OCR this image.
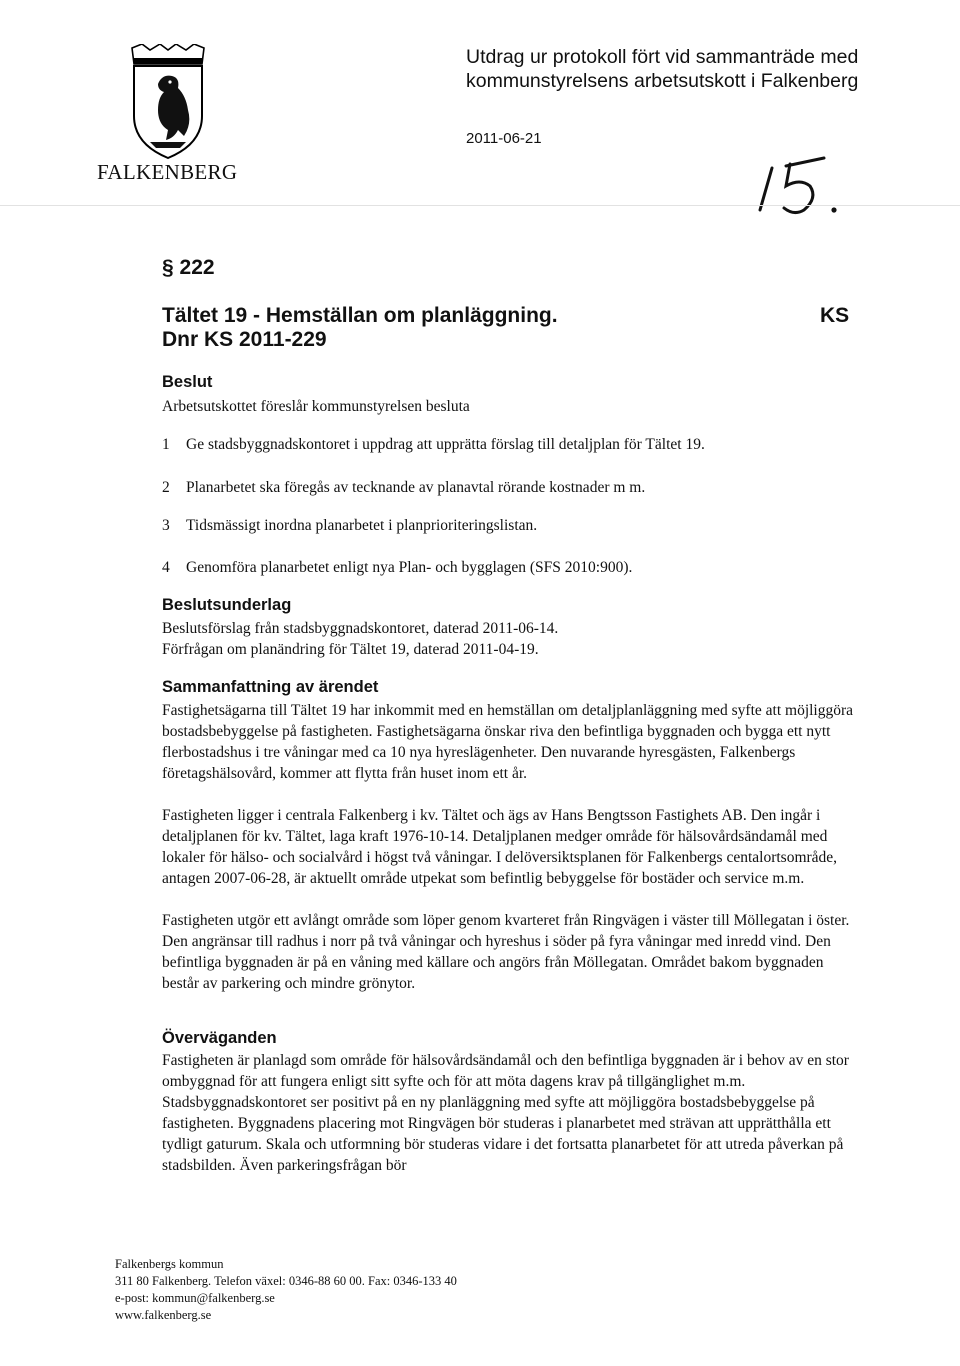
FALKENBERG
Utdrag ur protokoll fört vid sammanträde med
kommunstyrelsens arbetsutskott i Falkenberg
2011-06-21
§ 222
Tältet 19 - Hemställan om planläggning.	KS
Dnr KS 2011-229
Beslut
Arbetsutskottet föreslår kommunstyrelsen besluta
1 Ge stadsbyggnadskontoret i uppdrag att upprätta förslag till detaljplan för Tältet 19.
2 Planarbetet ska föregås av tecknande av planavtal rörande kostnader m m.
3 Tidsmässigt inordna planarbetet i planprioriteringslistan.
4 Genomföra planarbetet enligt nya Plan- och bygglagen (SFS 2010:900).
Beslutsunderlag
Beslutsförslag från stadsbyggnadskontoret, daterad 2011-06-14.
Förfrågan om planändring för Tältet 19, daterad 2011-04-19.
Sammanfattning av ärendet

Fastighetsägarna till Tältet 19 har inkommit med en hemställan om detaljplanläggning med syfte att möjliggöra bostadsbebyggelse på fastigheten. Fastighetsägarna önskar riva den befintliga byggnaden och bygga ett nytt flerbostadshus i tre våningar med ca 10 nya hyreslägenheter. Den nuvarande hyresgästen, Falkenbergs företagshälsovård, kommer att flytta från huset inom ett år.

Fastigheten ligger i centrala Falkenberg i kv. Tältet och ägs av Hans Bengtsson Fastighets AB. Den ingår i detaljplanen för kv. Tältet, laga kraft 1976-10-14. Detaljplanen medger område för hälsovårdsändamål med lokaler för hälso- och socialvård i högst två våningar. I delöversiktsplanen för Falkenbergs centalortsområde, antagen 2007-06-28, är aktuellt område utpekat som befintlig bebyggelse för bostäder och service m.m.

Fastigheten utgör ett avlångt område som löper genom kvarteret från Ringvägen i väster till Möllegatan i öster. Den angränsar till radhus i norr på två våningar och hyreshus i söder på fyra våningar med inredd vind. Den befintliga byggnaden är på en våning med källare och angörs från Möllegatan. Området bakom byggnaden består av parkering och mindre grönytor.

Överväganden
Fastigheten är planlagd som område för hälsovårdsändamål och den befintliga byggnaden är i behov av en stor ombyggnad för att fungera enligt sitt syfte och för att möta dagens krav på tillgänglighet m.m. Stadsbyggnadskontoret ser positivt på en ny planläggning med syfte att möjliggöra bostadsbebyggelse på fastigheten. Byggnadens placering mot Ringvägen bör studeras i planarbetet med strävan att upprätthålla ett tydligt gaturum. Skala och utformning bör studeras vidare i det fortsatta planarbetet för att utreda påverkan på stadsbilden. Även parkeringsfrågan bör
Falkenbergs kommun
311 80 Falkenberg. Telefon växel: 0346-88 60 00. Fax: 0346-133 40
e-post: kommun@falkenberg.se
www.falkenberg.se
